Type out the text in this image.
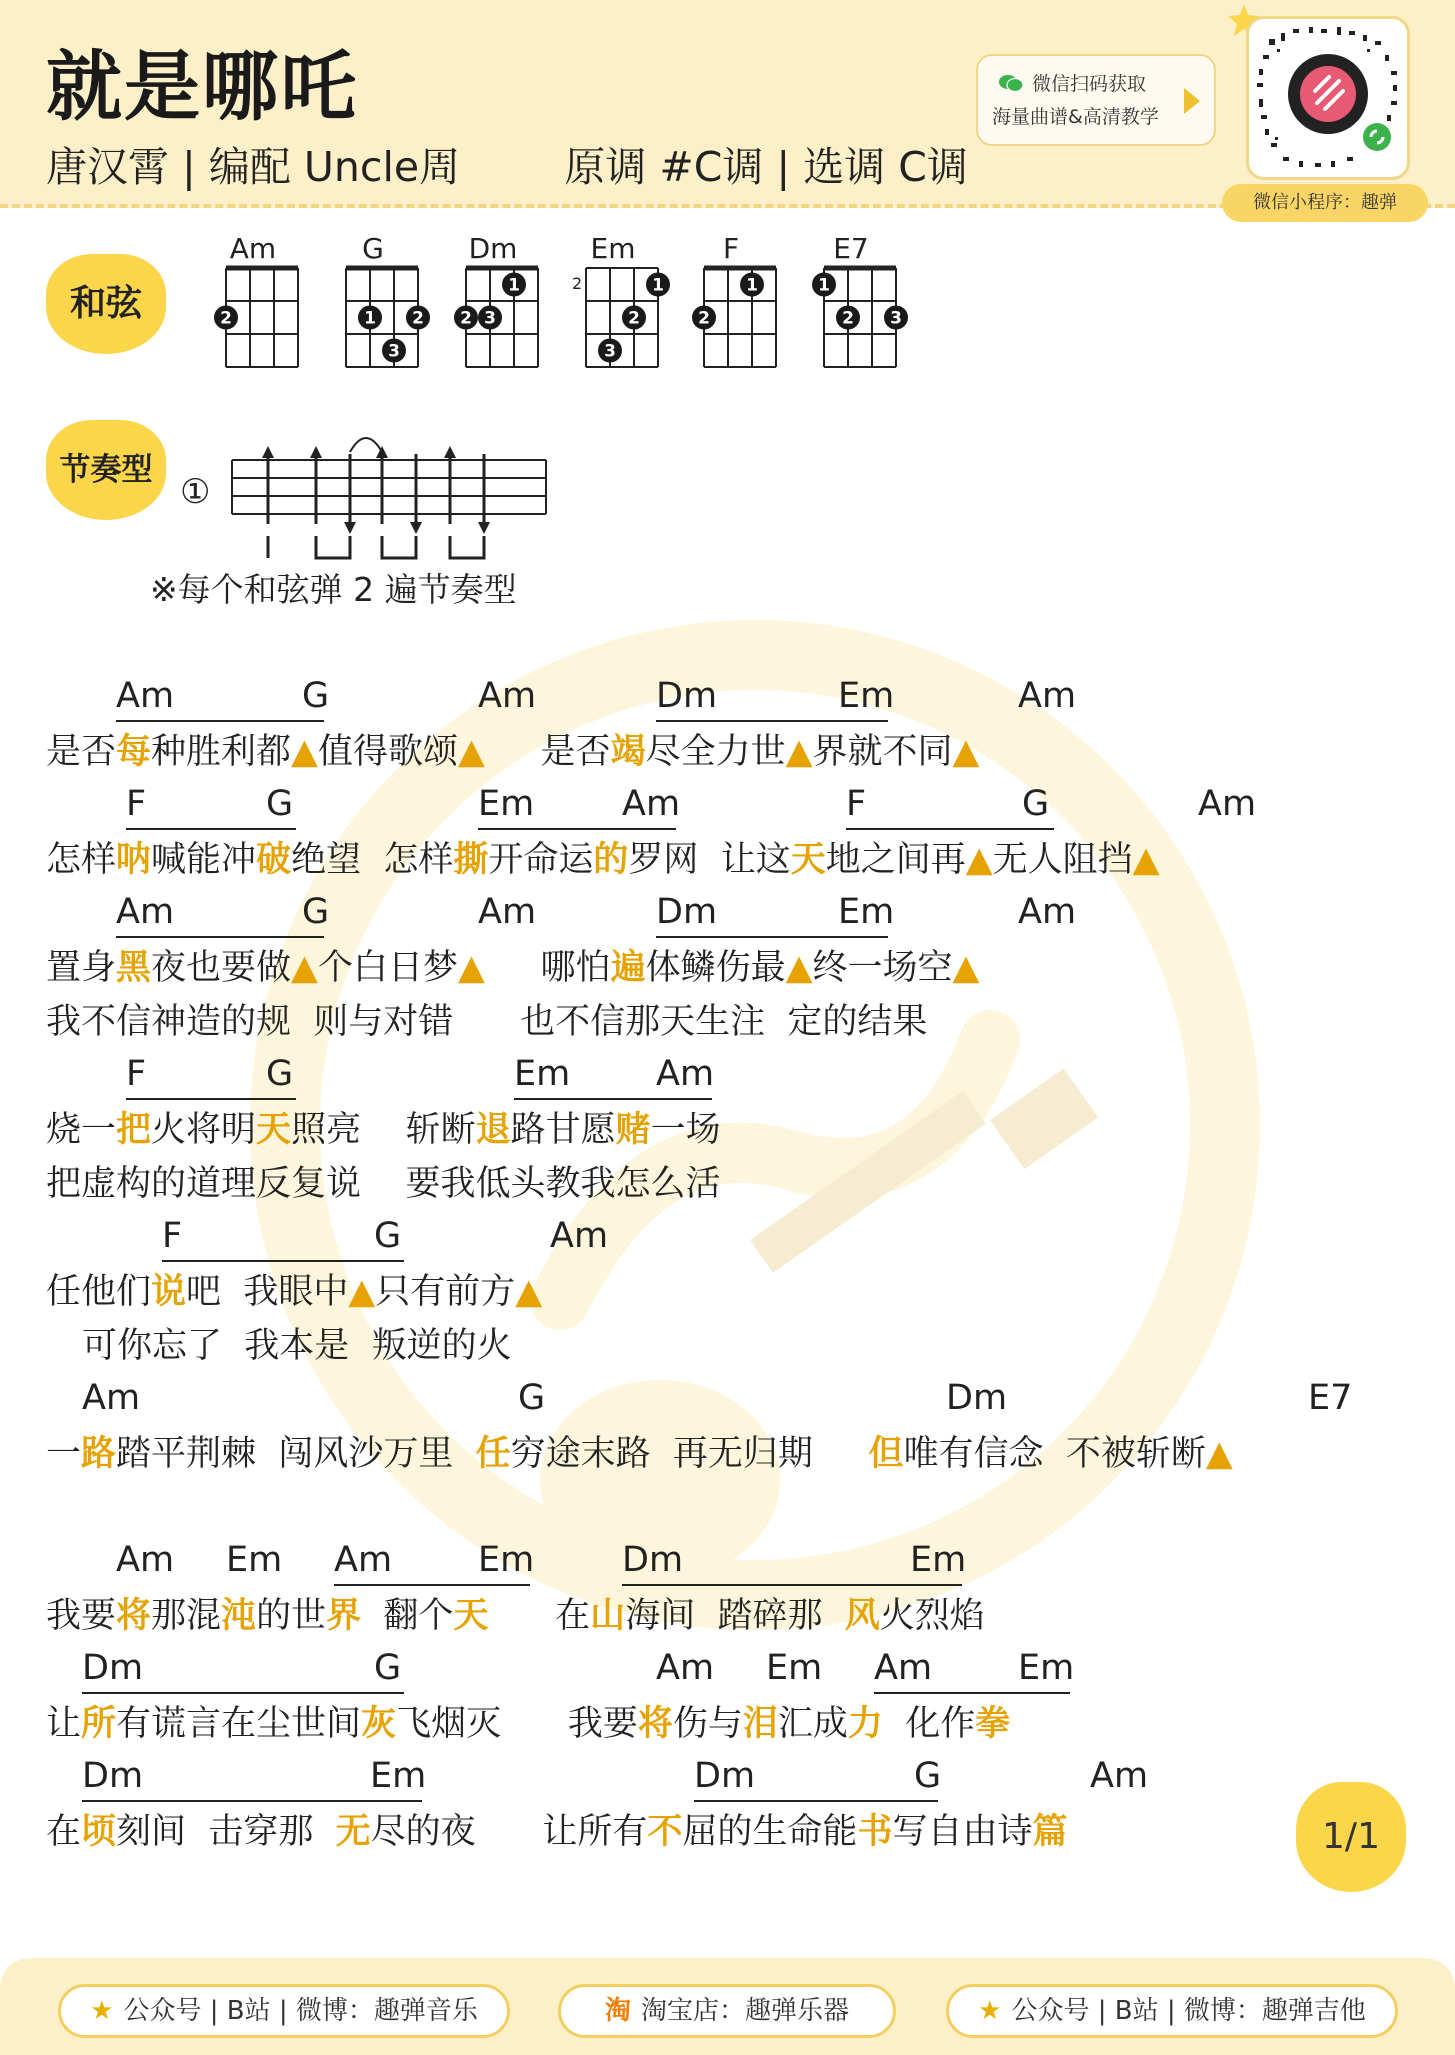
就是哪吒
唐汉霄 | 编配 Uncle周	原调 #C调 | 选调 C调
微信扫码获取
海量曲谱&高清教学
微信小程序：趣弹
和弦
Am	G	Dm	Em	F	E7
2
2	1 2
3
1
2 3
1
2
3
1
2
1
2 3
节奏型
①
※每个和弦弹 2 遍节奏型
Am	G	Am	Dm	Em	Am
是否每种胜利都▲值得歌颂▲ 是否竭尽全力世▲界就不同▲
F	G	Em	Am	F	G	Am
怎样呐喊能冲破绝望 怎样撕开命运的罗网 让这天地之间再▲无人阻挡▲
Am	G	Am	Dm	Em	Am
置身黑夜也要做▲个白日梦▲ 哪怕遍体鳞伤最▲终一场空▲
我不信神造的规 则与对错 也不信那天生注 定的结果
F	G	Em Am
烧一把火将明天照亮 斩断退路甘愿赌一场
把虚构的道理反复说 要我低头教我怎么活
F	G	Am
任他们说吧 我眼中▲只有前方▲
可你忘了 我本是 叛逆的火
Am	G	Dm	E7
一路踏平荆棘 闯风沙万里 任穷途末路 再无归期 但唯有信念 不被斩断▲
Am Em Am Em	Dm	Em
我要将那混沌的世界 翻个天 在山海间 踏碎那 风火烈焰
Dm	G	Am Em Am Em
让所有谎言在尘世间灰飞烟灭 我要将伤与泪汇成力 化作拳
Dm	Em	Dm	G	Am
在顷刻间 击穿那 无尽的夜 让所有不屈的生命能书写自由诗篇	1/1
★ 公众号 | B站 | 微博：趣弹音乐	淘 淘宝店：趣弹乐器	★ 公众号 | B站 | 微博：趣弹吉他
